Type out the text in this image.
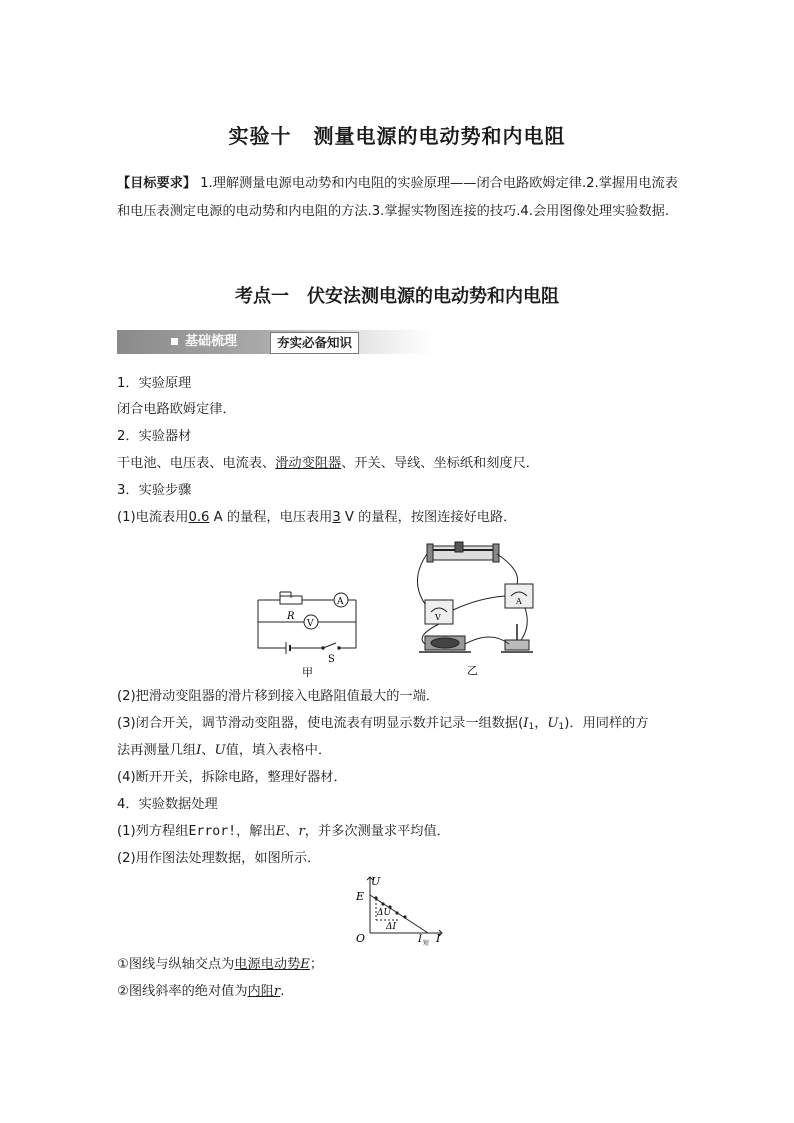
实验十 测量电源的电动势和内电阻
【目标要求】 1.理解测量电源电动势和内电阻的实验原理——闭合电路欧姆定律.2.掌握用电流表和电压表测定电源的电动势和内电阻的方法.3.掌握实物图连接的技巧.4.会用图像处理实验数据.
考点一 伏安法测电源的电动势和内电阻
基础梳理	夯实必备知识
1．实验原理
闭合电路欧姆定律．
2．实验器材
干电池、电压表、电流表、滑动变阻器、开关、导线、坐标纸和刻度尺．
3．实验步骤
(1)电流表用0.6 A 的量程，电压表用3 V 的量程，按图连接好电路．
R
A
V
S
甲
V
A
乙
(2)把滑动变阻器的滑片移到接入电路阻值最大的一端．
(3)闭合开关，调节滑动变阻器，使电流表有明显示数并记录一组数据($I_1$，$U_1$)．用同样的方
法再测量几组I、U值，填入表格中．
(4)断开开关，拆除电路，整理好器材．
4．实验数据处理
(1)列方程组Error!，解出E、r，并多次测量求平均值．
(2)用作图法处理数据，如图所示．
U
E
O	I
I 短
ΔU
ΔI
①图线与纵轴交点为电源电动势E；
②图线斜率的绝对值为内阻r.
